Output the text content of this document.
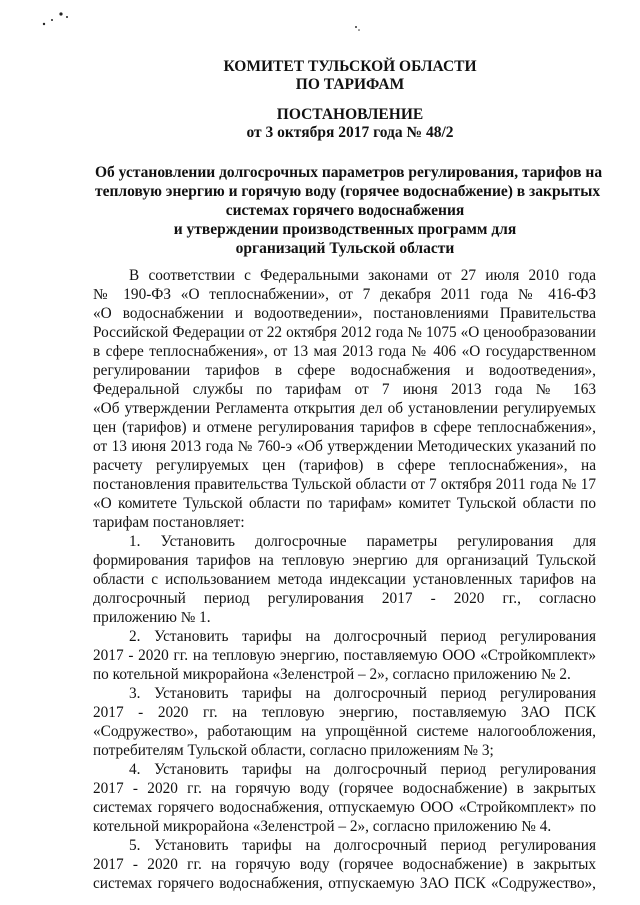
КОМИТЕТ ТУЛЬСКОЙ ОБЛАСТИ
ПО ТАРИФАМ
ПОСТАНОВЛЕНИЕ
от 3 октября 2017 года № 48/2
Об установлении долгосрочных параметров регулирования, тарифов на
тепловую энергию и горячую воду (горячее водоснабжение) в закрытых
системах горячего водоснабжения
и утверждении производственных программ для
организаций Тульской области
В соответствии с Федеральными законами от 27 июля 2010 года
№ 190-ФЗ «О теплоснабжении», от 7 декабря 2011 года № 416-ФЗ
«О водоснабжении и водоотведении», постановлениями Правительства
Российской Федерации от 22 октября 2012 года № 1075 «О ценообразовании
в сфере теплоснабжения», от 13 мая 2013 года № 406 «О государственном
регулировании тарифов в сфере водоснабжения и водоотведения»,
Федеральной службы по тарифам от 7 июня 2013 года № 163
«Об утверждении Регламента открытия дел об установлении регулируемых
цен (тарифов) и отмене регулирования тарифов в сфере теплоснабжения»,
от 13 июня 2013 года № 760-э «Об утверждении Методических указаний по
расчету регулируемых цен (тарифов) в сфере теплоснабжения», на
постановления правительства Тульской области от 7 октября 2011 года № 17
«О комитете Тульской области по тарифам» комитет Тульской области по
тарифам постановляет:
1. Установить долгосрочные параметры регулирования для
формирования тарифов на тепловую энергию для организаций Тульской
области с использованием метода индексации установленных тарифов на
долгосрочный период регулирования 2017 - 2020 гг., согласно
приложению № 1.
2. Установить тарифы на долгосрочный период регулирования
2017 - 2020 гг. на тепловую энергию, поставляемую ООО «Стройкомплект»
по котельной микрорайона «Зеленстрой – 2», согласно приложению № 2.
3. Установить тарифы на долгосрочный период регулирования
2017 - 2020 гг. на тепловую энергию, поставляемую ЗАО ПСК
«Содружество», работающим на упрощённой системе налогообложения,
потребителям Тульской области, согласно приложениям № 3;
4. Установить тарифы на долгосрочный период регулирования
2017 - 2020 гг. на горячую воду (горячее водоснабжение) в закрытых
системах горячего водоснабжения, отпускаемую ООО «Стройкомплект» по
котельной микрорайона «Зеленстрой – 2», согласно приложению № 4.
5. Установить тарифы на долгосрочный период регулирования
2017 - 2020 гг. на горячую воду (горячее водоснабжение) в закрытых
системах горячего водоснабжения, отпускаемую ЗАО ПСК «Содружество»,
